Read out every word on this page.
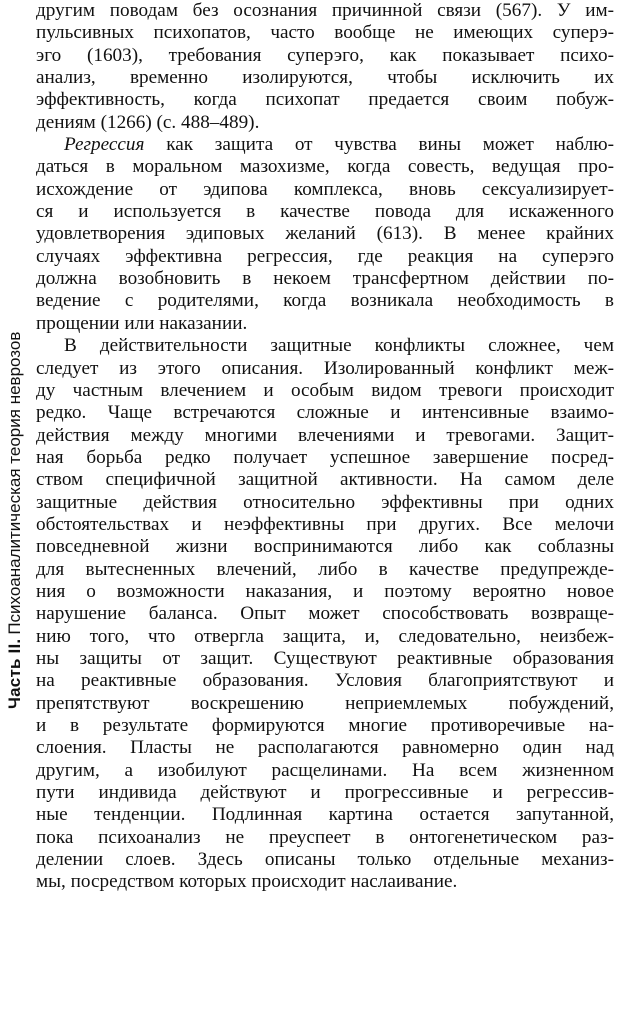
Часть II.
Психоаналитическая теория неврозов
другим поводам без осознания причинной связи (567). У им-
пульсивных психопатов, часто вообще не имеющих суперэ-
эго (1603), требования суперэго, как показывает психо-
анализ, временно изолируются, чтобы исключить их
эффективность, когда психопат предается своим побуж-
дениям (1266) (с. 488–489).
Регрессия как защита от чувства вины может наблю-
даться в моральном мазохизме, когда совесть, ведущая про-
исхождение от эдипова комплекса, вновь сексуализирует-
ся и используется в качестве повода для искаженного
удовлетворения эдиповых желаний (613). В менее крайних
случаях эффективна регрессия, где реакция на суперэго
должна возобновить в некоем трансфертном действии по-
ведение с родителями, когда возникала необходимость в
прощении или наказании.
В действительности защитные конфликты сложнее, чем
следует из этого описания. Изолированный конфликт меж-
ду частным влечением и особым видом тревоги происходит
редко. Чаще встречаются сложные и интенсивные взаимо-
действия между многими влечениями и тревогами. Защит-
ная борьба редко получает успешное завершение посред-
ством специфичной защитной активности. На самом деле
защитные действия относительно эффективны при одних
обстоятельствах и неэффективны при других. Все мелочи
повседневной жизни воспринимаются либо как соблазны
для вытесненных влечений, либо в качестве предупрежде-
ния о возможности наказания, и поэтому вероятно новое
нарушение баланса. Опыт может способствовать возвраще-
нию того, что отвергла защита, и, следовательно, неизбеж-
ны защиты от защит. Существуют реактивные образования
на реактивные образования. Условия благоприятствуют и
препятствуют воскрешению неприемлемых побуждений,
и в результате формируются многие противоречивые на-
слоения. Пласты не располагаются равномерно один над
другим, а изобилуют расщелинами. На всем жизненном
пути индивида действуют и прогрессивные и регрессив-
ные тенденции. Подлинная картина остается запутанной,
пока психоанализ не преуспеет в онтогенетическом раз-
делении слоев. Здесь описаны только отдельные механиз-
мы, посредством которых происходит наслаивание.
